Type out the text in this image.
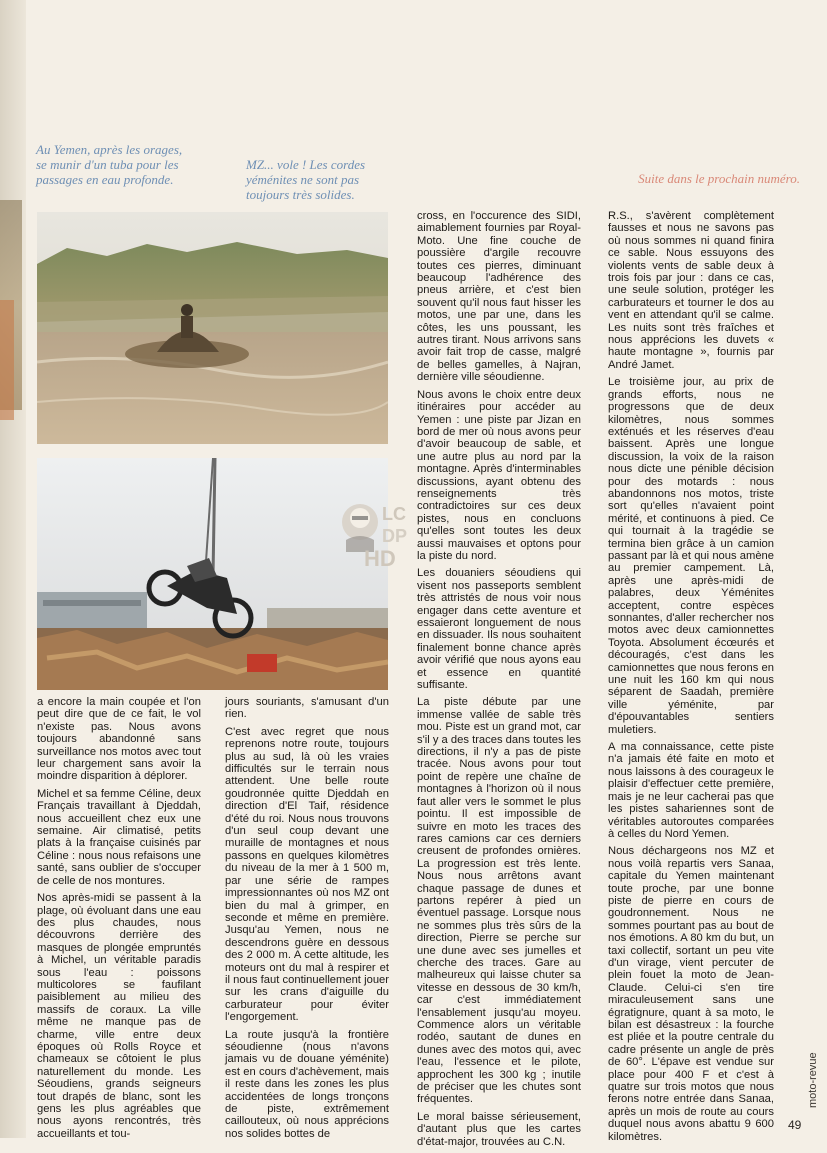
Au Yemen, après les orages, se munir d'un tuba pour les passages en eau profonde.

MZ... vole ! Les cordes yéménites ne sont pas toujours très solides.

Suite dans le prochain numéro.

LC
DP
HD

a encore la main coupée et l'on peut dire que de ce fait, le vol n'existe pas. Nous avons toujours abandonné sans surveillance nos motos avec tout leur chargement sans avoir la moindre disparition à déplorer.

Michel et sa femme Céline, deux Français travaillant à Djeddah, nous accueillent chez eux une semaine. Air climatisé, petits plats à la française cuisinés par Céline : nous nous refaisons une santé, sans oublier de s'occuper de celle de nos montures.

Nos après-midi se passent à la plage, où évoluant dans une eau des plus chaudes, nous découvrons derrière des masques de plongée empruntés à Michel, un véritable paradis sous l'eau : poissons multicolores se faufilant paisiblement au milieu des massifs de coraux. La ville même ne manque pas de charme, ville entre deux époques où Rolls Royce et chameaux se côtoient le plus naturellement du monde. Les Séoudiens, grands seigneurs tout drapés de blanc, sont les gens les plus agréables que nous ayons rencontrés, très accueillants et tou-

jours souriants, s'amusant d'un rien.

C'est avec regret que nous reprenons notre route, toujours plus au sud, là où les vraies difficultés sur le terrain nous attendent. Une belle route goudronnée quitte Djeddah en direction d'El Taif, résidence d'été du roi. Nous nous trouvons d'un seul coup devant une muraille de montagnes et nous passons en quelques kilomètres du niveau de la mer à 1 500 m, par une série de rampes impressionnantes où nos MZ ont bien du mal à grimper, en seconde et même en première. Jusqu'au Yemen, nous ne descendrons guère en dessous des 2 000 m. A cette altitude, les moteurs ont du mal à respirer et il nous faut continuellement jouer sur les crans d'aiguille du carburateur pour éviter l'engorgement.

La route jusqu'à la frontière séoudienne (nous n'avons jamais vu de douane yéménite) est en cours d'achèvement, mais il reste dans les zones les plus accidentées de longs tronçons de piste, extrêmement caillouteux, où nous apprécions nos solides bottes de

cross, en l'occurence des SIDI, aimablement fournies par Royal-Moto. Une fine couche de poussière d'argile recouvre toutes ces pierres, diminuant beaucoup l'adhérence des pneus arrière, et c'est bien souvent qu'il nous faut hisser les motos, une par une, dans les côtes, les uns poussant, les autres tirant. Nous arrivons sans avoir fait trop de casse, malgré de belles gamelles, à Najran, dernière ville séoudienne.

Nous avons le choix entre deux itinéraires pour accéder au Yemen : une piste par Jizan en bord de mer où nous avons peur d'avoir beaucoup de sable, et une autre plus au nord par la montagne. Après d'interminables discussions, ayant obtenu des renseignements très contradictoires sur ces deux pistes, nous en concluons qu'elles sont toutes les deux aussi mauvaises et optons pour la piste du nord.

Les douaniers séoudiens qui visent nos passeports semblent très attristés de nous voir nous engager dans cette aventure et essaieront longuement de nous en dissuader. Ils nous souhaitent finalement bonne chance après avoir vérifié que nous ayons eau et essence en quantité suffisante.

La piste débute par une immense vallée de sable très mou. Piste est un grand mot, car s'il y a des traces dans toutes les directions, il n'y a pas de piste tracée. Nous avons pour tout point de repère une chaîne de montagnes à l'horizon où il nous faut aller vers le sommet le plus pointu. Il est impossible de suivre en moto les traces des rares camions car ces derniers creusent de profondes ornières. La progression est très lente. Nous nous arrêtons avant chaque passage de dunes et partons repérer à pied un éventuel passage. Lorsque nous ne sommes plus très sûrs de la direction, Pierre se perche sur une dune avec ses jumelles et cherche des traces. Gare au malheureux qui laisse chuter sa vitesse en dessous de 30 km/h, car c'est immédiatement l'ensablement jusqu'au moyeu. Commence alors un véritable rodéo, sautant de dunes en dunes avec des motos qui, avec l'eau, l'essence et le pilote, approchent les 300 kg ; inutile de préciser que les chutes sont fréquentes.

Le moral baisse sérieusement, d'autant plus que les cartes d'état-major, trouvées au C.N.

R.S., s'avèrent complètement fausses et nous ne savons pas où nous sommes ni quand finira ce sable. Nous essuyons des violents vents de sable deux à trois fois par jour : dans ce cas, une seule solution, protéger les carburateurs et tourner le dos au vent en attendant qu'il se calme. Les nuits sont très fraîches et nous apprécions les duvets « haute montagne », fournis par André Jamet.

Le troisième jour, au prix de grands efforts, nous ne progressons que de deux kilomètres, nous sommes exténués et les réserves d'eau baissent. Après une longue discussion, la voix de la raison nous dicte une pénible décision pour des motards : nous abandonnons nos motos, triste sort qu'elles n'avaient point mérité, et continuons à pied. Ce qui tournait à la tragédie se termina bien grâce à un camion passant par là et qui nous amène au premier campement. Là, après une après-midi de palabres, deux Yéménites acceptent, contre espèces sonnantes, d'aller rechercher nos motos avec deux camionnettes Toyota. Absolument écœurés et découragés, c'est dans les camionnettes que nous ferons en une nuit les 160 km qui nous séparent de Saadah, première ville yéménite, par d'épouvantables sentiers muletiers.

A ma connaissance, cette piste n'a jamais été faite en moto et nous laissons à des courageux le plaisir d'effectuer cette première, mais je ne leur cacherai pas que les pistes sahariennes sont de véritables autoroutes comparées à celles du Nord Yemen.

Nous déchargeons nos MZ et nous voilà repartis vers Sanaa, capitale du Yemen maintenant toute proche, par une bonne piste de pierre en cours de goudronnement. Nous ne sommes pourtant pas au bout de nos émotions. A 80 km du but, un taxi collectif, sortant un peu vite d'un virage, vient percuter de plein fouet la moto de Jean-Claude. Celui-ci s'en tire miraculeusement sans une égratignure, quant à sa moto, le bilan est désastreux : la fourche est pliée et la poutre centrale du cadre présente un angle de près de 60°. L'épave est vendue sur place pour 400 F et c'est à quatre sur trois motos que nous ferons notre entrée dans Sanaa, après un mois de route au cours duquel nous avons abattu 9 600 kilomètres.

moto-revue
49
